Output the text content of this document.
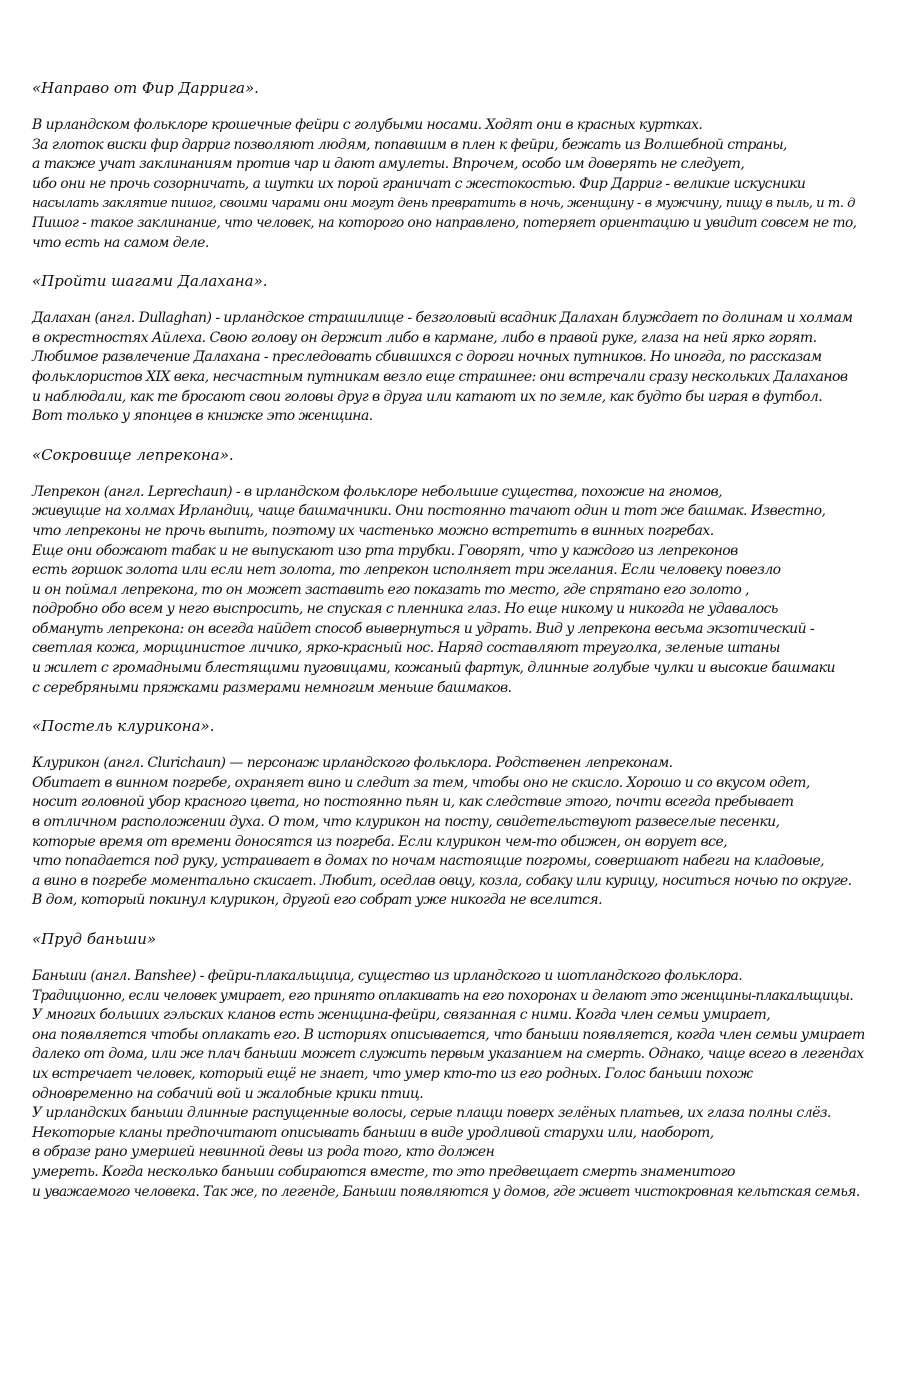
«Направо от Фир Даррига».
В ирландском фольклоре крошечные фейри с голубыми носами. Ходят они в красных куртках.
За глоток виски фир дарриг позволяют людям, попавшим в плен к фейри, бежать из Волшебной страны,
а также учат заклинаниям против чар и дают амулеты. Впрочем, особо им доверять не следует,
ибо они не прочь созорничать, а шутки их порой граничат с жестокостью. Фир Дарриг - великие искусники
насылать заклятие пишог, своими чарами они могут день превратить в ночь, женщину - в мужчину, пищу в пыль, и т. д
Пишог - такое заклинание, что человек, на которого оно направлено, потеряет ориентацию и увидит совсем не то,
что есть на самом деле.
«Пройти шагами Далахана».
Далахан (англ. Dullaghan) - ирландское страшилище - безголовый всадник Далахан блуждает по долинам и холмам
в окрестностях Айлеха. Свою голову он держит либо в кармане, либо в правой руке, глаза на ней ярко горят.
Любимое развлечение Далахана - преследовать сбившихся с дороги ночных путников. Но иногда, по рассказам
фольклористов XIX века, несчастным путникам везло еще страшнее: они встречали сразу нескольких Далаханов
и наблюдали, как те бросают свои головы друг в друга или катают их по земле, как будто бы играя в футбол.
Вот только у японцев в книжке это женщина.
«Сокровище лепрекона».
Лепрекон (англ. Leprechaun) - в ирландском фольклоре небольшие существа, похожие на гномов,
живущие на холмах Ирландиц, чаще башмачники. Они постоянно тачают один и тот же башмак. Известно,
что лепреконы не прочь выпить, поэтому их частенько можно встретить в винных погребах.
Еще они обожают табак и не выпускают изо рта трубки. Говорят, что у каждого из лепреконов
есть горшок золота или если нет золота, то лепрекон исполняет три желания. Если человеку повезло
и он поймал лепрекона, то он может заставить его показать то место, где спрятано его золото ,
подробно обо всем у него выспросить, не спуская с пленника глаз. Но еще никому и никогда не удавалось
обмануть лепрекона: он всегда найдет способ вывернуться и удрать. Вид у лепрекона весьма экзотический -
светлая кожа, морщинистое личико, ярко-красный нос. Наряд составляют треуголка, зеленые штаны
и жилет с громадными блестящими пуговицами, кожаный фартук, длинные голубые чулки и высокие башмаки
с серебряными пряжками размерами немногим меньше башмаков.
«Постель клурикона».
Клурикон (англ. Clurichaun) — персонаж ирландского фольклора. Родственен лепреконам.
Обитает в винном погребе, охраняет вино и следит за тем, чтобы оно не скисло. Хорошо и со вкусом одет,
носит головной убор красного цвета, но постоянно пьян и, как следствие этого, почти всегда пребывает
в отличном расположении духа. О том, что клурикон на посту, свидетельствуют развеселые песенки,
которые время от времени доносятся из погреба. Если клурикон чем-то обижен, он ворует все,
что попадается под руку, устраивает в домах по ночам настоящие погромы, совершают набеги на кладовые,
а вино в погребе моментально скисает. Любит, оседлав овцу, козла, собаку или курицу, носиться ночью по округе.
В дом, который покинул клурикон, другой его собрат уже никогда не вселится.
«Пруд баньши»
Баньши (англ. Banshee) - фейри-плакальщица, существо из ирландского и шотландского фольклора.
Традиционно, если человек умирает, его принято оплакивать на его похоронах и делают это женщины-плакальщицы.
У многих больших гэльских кланов есть женщина-фейри, связанная с ними. Когда член семьи умирает,
она появляется чтобы оплакать его. В историях описывается, что баньши появляется, когда член семьи умирает
далеко от дома, или же плач баньши может служить первым указанием на смерть. Однако, чаще всего в легендах
их встречает человек, который ещё не знает, что умер кто-то из его родных. Голос баньши похож
одновременно на собачий вой и жалобные крики птиц.
У ирландских баньши длинные распущенные волосы, серые плащи поверх зелёных платьев, их глаза полны слёз.
Некоторые кланы предпочитают описывать баньши в виде уродливой старухи или, наоборот,
в образе рано умершей невинной девы из рода того, кто должен
умереть. Когда несколько баньши собираются вместе, то это предвещает смерть знаменитого
и уважаемого человека. Так же, по легенде, Баньши появляются у домов, где живет чистокровная кельтская семья.
